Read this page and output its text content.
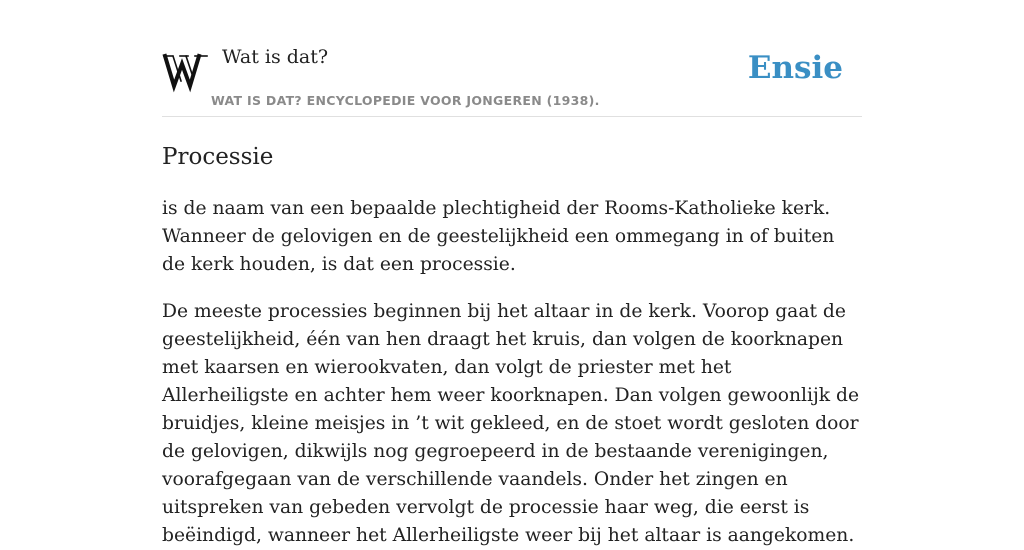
Wat is dat?
WAT IS DAT? ENCYCLOPEDIE VOOR JONGEREN (1938).
Ensie
Processie

is de naam van een bepaalde plechtigheid der Rooms-Katholieke kerk. Wanneer de gelovigen en de geestelijkheid een ommegang in of buiten de kerk houden, is dat een processie.

De meeste processies beginnen bij het altaar in de kerk. Voorop gaat de geestelijkheid, één van hen draagt het kruis, dan volgen de koorknapen met kaarsen en wierookvaten, dan volgt de priester met het Allerheiligste en achter hem weer koorknapen. Dan volgen gewoonlijk de bruidjes, kleine meisjes in ’t wit gekleed, en de stoet wordt gesloten door de gelovigen, dikwijls nog gegroepeerd in de bestaande verenigingen, voorafgegaan van de verschillende vaandels. Onder het zingen en uitspreken van gebeden vervolgt de processie haar weg, die eerst is beëindigd, wanneer het Allerheiligste weer bij het altaar is aangekomen.
